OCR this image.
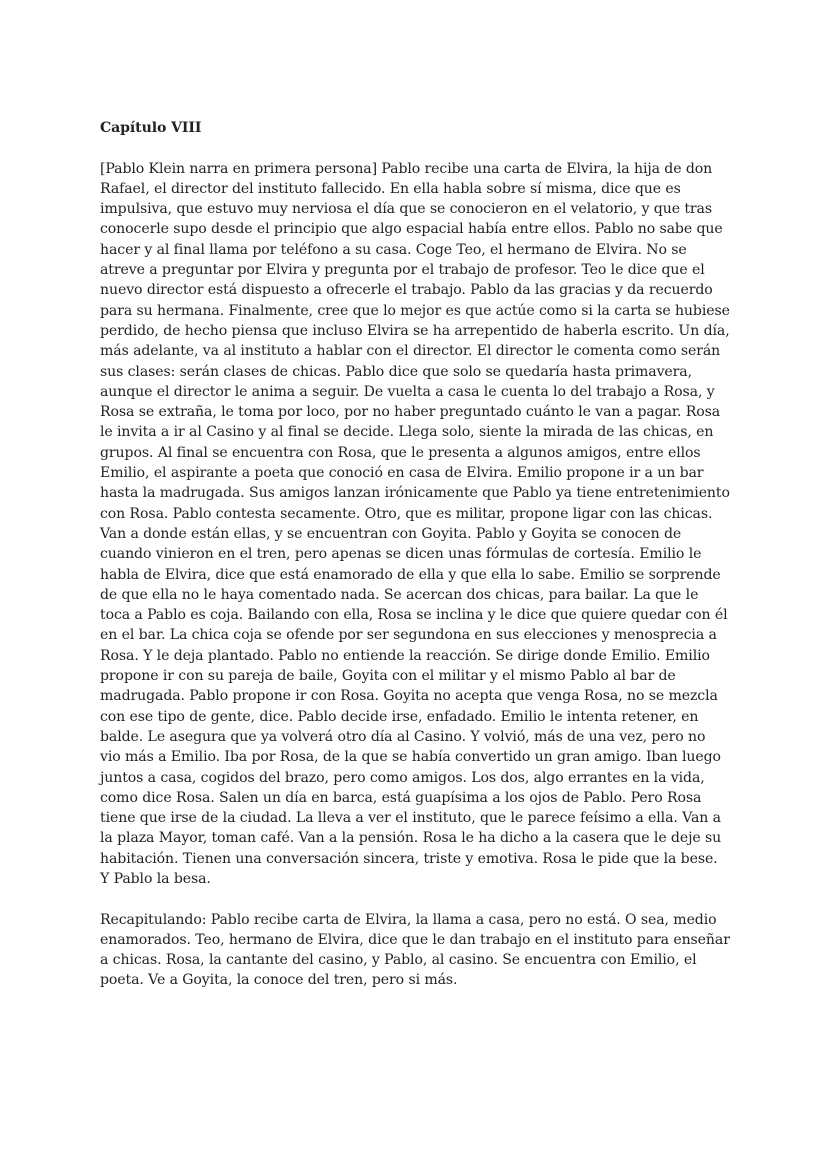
Capítulo VIII

[Pablo Klein narra en primera persona] Pablo recibe una carta de Elvira, la hija de don Rafael, el director del instituto fallecido. En ella habla sobre sí misma, dice que es impulsiva, que estuvo muy nerviosa el día que se conocieron en el velatorio, y que tras conocerle supo desde el principio que algo espacial había entre ellos. Pablo no sabe que hacer y al final llama por teléfono a su casa. Coge Teo, el hermano de Elvira. No se atreve a preguntar por Elvira y pregunta por el trabajo de profesor. Teo le dice que el nuevo director está dispuesto a ofrecerle el trabajo. Pablo da las gracias y da recuerdo para su hermana. Finalmente, cree que lo mejor es que actúe como si la carta se hubiese perdido, de hecho piensa que incluso Elvira se ha arrepentido de haberla escrito. Un día, más adelante, va al instituto a hablar con el director. El director le comenta como serán sus clases: serán clases de chicas. Pablo dice que solo se quedaría hasta primavera, aunque el director le anima a seguir. De vuelta a casa le cuenta lo del trabajo a Rosa, y Rosa se extraña, le toma por loco, por no haber preguntado cuánto le van a pagar. Rosa le invita a ir al Casino y al final se decide. Llega solo, siente la mirada de las chicas, en grupos. Al final se encuentra con Rosa, que le presenta a algunos amigos, entre ellos Emilio, el aspirante a poeta que conoció en casa de Elvira. Emilio propone ir a un bar hasta la madrugada. Sus amigos lanzan irónicamente que Pablo ya tiene entretenimiento con Rosa. Pablo contesta secamente. Otro, que es militar, propone ligar con las chicas. Van a donde están ellas, y se encuentran con Goyita. Pablo y Goyita se conocen de cuando vinieron en el tren, pero apenas se dicen unas fórmulas de cortesía. Emilio le habla de Elvira, dice que está enamorado de ella y que ella lo sabe. Emilio se sorprende de que ella no le haya comentado nada. Se acercan dos chicas, para bailar. La que le toca a Pablo es coja. Bailando con ella, Rosa se inclina y le dice que quiere quedar con él en el bar. La chica coja se ofende por ser segundona en sus elecciones y menosprecia a Rosa. Y le deja plantado. Pablo no entiende la reacción. Se dirige donde Emilio. Emilio propone ir con su pareja de baile, Goyita con el militar y el mismo Pablo al bar de madrugada. Pablo propone ir con Rosa. Goyita no acepta que venga Rosa, no se mezcla con ese tipo de gente, dice. Pablo decide irse, enfadado. Emilio le intenta retener, en balde. Le asegura que ya volverá otro día al Casino. Y volvió, más de una vez, pero no vio más a Emilio. Iba por Rosa, de la que se había convertido un gran amigo. Iban luego juntos a casa, cogidos del brazo, pero como amigos. Los dos, algo errantes en la vida, como dice Rosa. Salen un día en barca, está guapísima a los ojos de Pablo. Pero Rosa tiene que irse de la ciudad. La lleva a ver el instituto, que le parece feísimo a ella. Van a la plaza Mayor, toman café. Van a la pensión. Rosa le ha dicho a la casera que le deje su habitación. Tienen una conversación sincera, triste y emotiva. Rosa le pide que la bese. Y Pablo la besa.

Recapitulando: Pablo recibe carta de Elvira, la llama a casa, pero no está. O sea, medio enamorados. Teo, hermano de Elvira, dice que le dan trabajo en el instituto para enseñar a chicas. Rosa, la cantante del casino, y Pablo, al casino. Se encuentra con Emilio, el poeta. Ve a Goyita, la conoce del tren, pero si más.
